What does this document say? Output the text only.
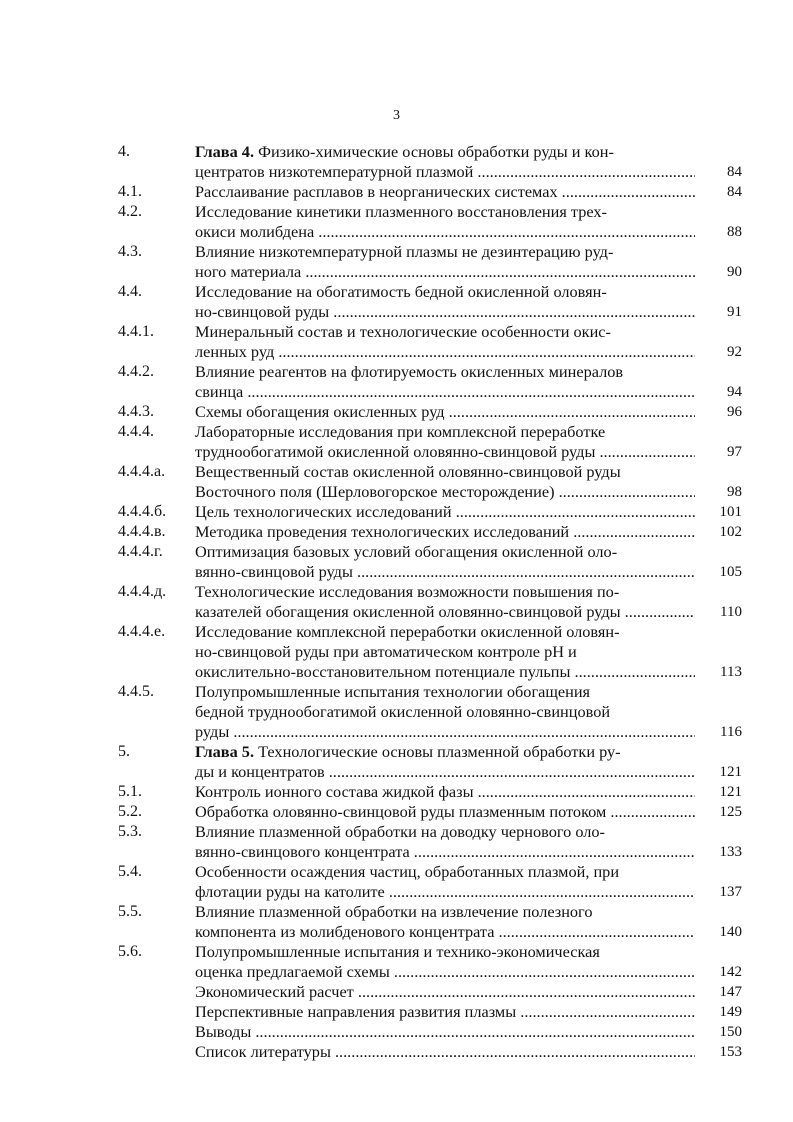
3
4.	Глава 4. Физико-химические основы обработки руды и кон-
центратов низкотемпературной плазмой .....	84
4.1.	Расслаивание расплавов в неорганических системах .....	84
4.2.	Исследование кинетики плазменного восстановления трех-
окиси молибдена .....	88
4.3.	Влияние низкотемпературной плазмы не дезинтерацию руд-
ного материала .....	90
4.4.	Исследование на обогатимость бедной окисленной оловян-
но-свинцовой руды .....	91
4.4.1.	Минеральный состав и технологические особенности окис-
ленных руд .....	92
4.4.2.	Влияние реагентов на флотируемость окисленных минералов
свинца .....	94
4.4.3.	Схемы обогащения окисленных руд .....	96
4.4.4.	Лабораторные исследования при комплексной переработке
труднообогатимой окисленной оловянно-свинцовой руды .....	97
4.4.4.а. Вещественный состав окисленной оловянно-свинцовой руды
Восточного поля (Шерловогорское месторождение) .....	98
4.4.4.б. Цель технологических исследований .....	101
4.4.4.в. Методика проведения технологических исследований .....	102
4.4.4.г. Оптимизация базовых условий обогащения окисленной оло-
вянно-свинцовой руды .....	105
4.4.4.д. Технологические исследования возможности повышения по-
казателей обогащения окисленной оловянно-свинцовой руды .....	110
4.4.4.е. Исследование комплексной переработки окисленной оловян-
но-свинцовой руды при автоматическом контроле pH и
окислительно-восстановительном потенциале пульпы .....	113
4.4.5.	Полупромышленные испытания технологии обогащения
бедной труднообогатимой окисленной оловянно-свинцовой
руды .....	116
5.	Глава 5. Технологические основы плазменной обработки ру-
ды и концентратов .....	121
5.1.	Контроль ионного состава жидкой фазы .....	121
5.2.	Обработка оловянно-свинцовой руды плазменным потоком .....	125
5.3.	Влияние плазменной обработки на доводку чернового оло-
вянно-свинцового концентрата .....	133
5.4.	Особенности осаждения частиц, обработанных плазмой, при
флотации руды на католите .....	137
5.5.	Влияние плазменной обработки на извлечение полезного
компонента из молибденового концентрата .....	140
5.6.	Полупромышленные испытания и технико-экономическая
оценка предлагаемой схемы .....	142
Экономический расчет .....	147
Перспективные направления развития плазмы .....	149
Выводы .....	150
Список литературы .....	153
